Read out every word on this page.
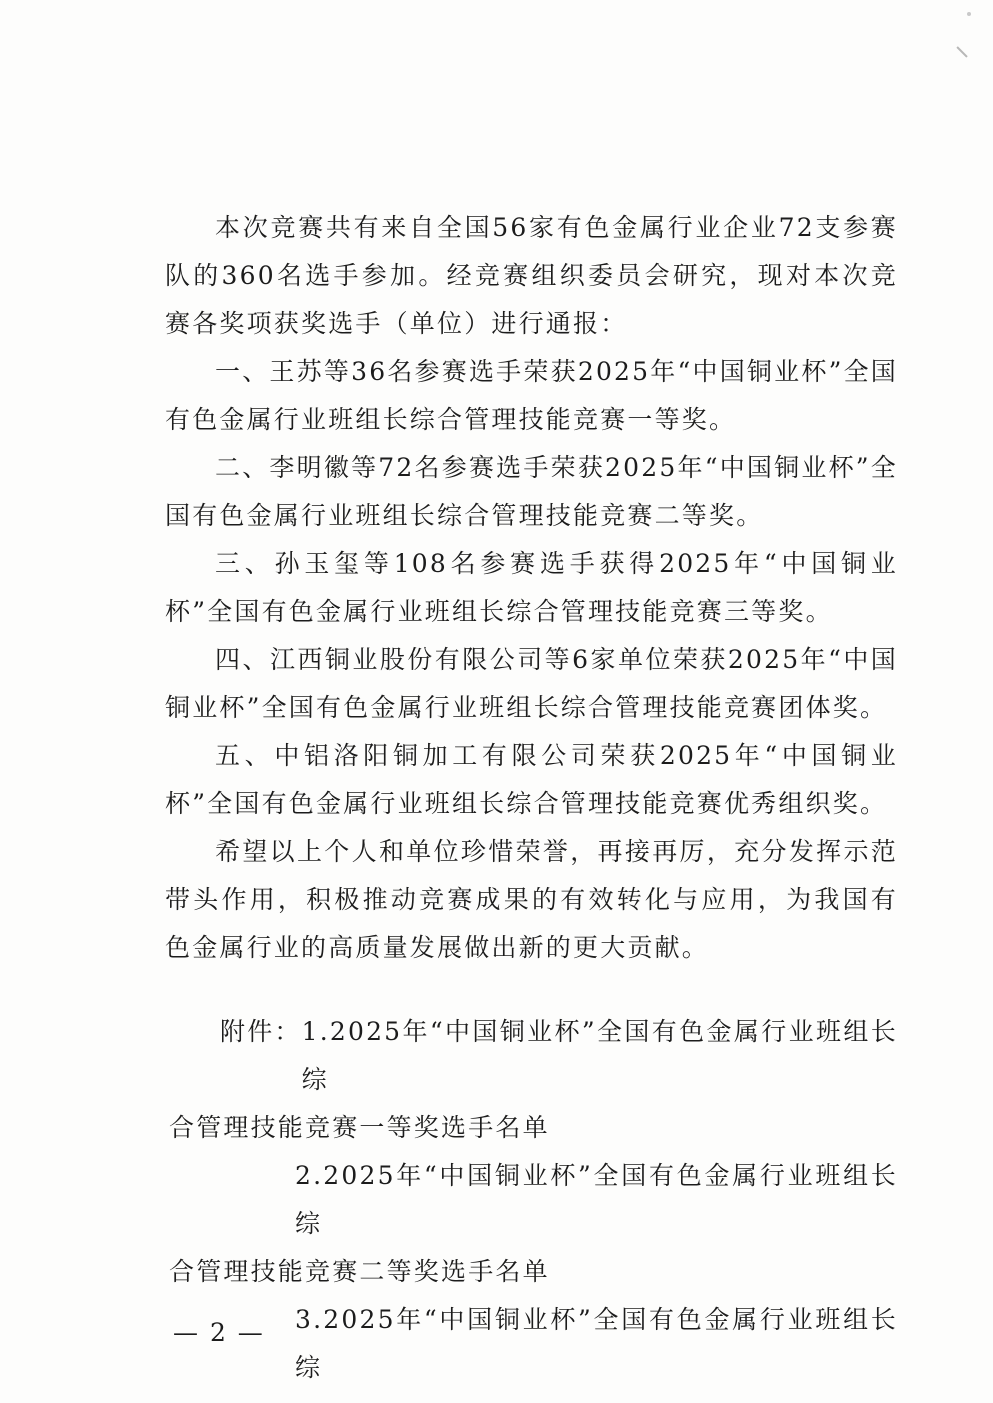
本次竞赛共有来自全国56家有色金属行业企业72支参赛队的360名选手参加。经竞赛组织委员会研究，现对本次竞赛各奖项获奖选手（单位）进行通报：

一、王苏等36名参赛选手荣获2025年“中国铜业杯”全国有色金属行业班组长综合管理技能竞赛一等奖。

二、李明徽等72名参赛选手荣获2025年“中国铜业杯”全国有色金属行业班组长综合管理技能竞赛二等奖。

三、孙玉玺等108名参赛选手获得2025年“中国铜业杯”全国有色金属行业班组长综合管理技能竞赛三等奖。

四、江西铜业股份有限公司等6家单位荣获2025年“中国铜业杯”全国有色金属行业班组长综合管理技能竞赛团体奖。

五、中铝洛阳铜加工有限公司荣获2025年“中国铜业杯”全国有色金属行业班组长综合管理技能竞赛优秀组织奖。

希望以上个人和单位珍惜荣誉，再接再厉，充分发挥示范带头作用，积极推动竞赛成果的有效转化与应用，为我国有色金属行业的高质量发展做出新的更大贡献。

附件： 1.2025年“中国铜业杯”全国有色金属行业班组长综
合管理技能竞赛一等奖选手名单
2.2025年“中国铜业杯”全国有色金属行业班组长综
合管理技能竞赛二等奖选手名单
3.2025年“中国铜业杯”全国有色金属行业班组长综
— 2 —
